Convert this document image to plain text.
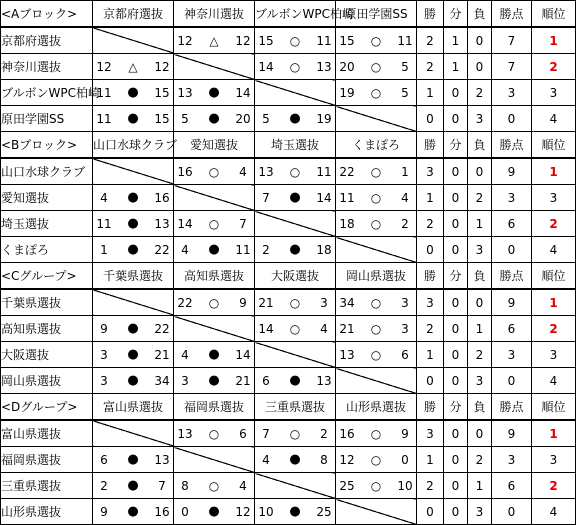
<Aブロック>	京都府選抜	神奈川選抜	ブルボンWPC柏崎	原田学園SS	勝	分	負	勝点	順位
京都府選抜		12 △ 12	15 ○ 11	15 ○ 11	2	1	0	7	1
神奈川選抜	12 △ 12		14 ○ 13	20 ○ 5	2	1	0	7	2
ブルボンWPC柏崎	11 ● 15	13 ● 14		19 ○ 5	1	0	2	3	3
原田学園SS	11 ● 15	5 ● 20	5 ● 19		0	0	3	0	4
<Bブロック>	山口水球クラブ	愛知選抜	埼玉選抜	くまぽろ	勝	分	負	勝点	順位
山口水球クラブ		16 ○ 4	13 ○ 11	22 ○ 1	3	0	0	9	1
愛知選抜	4 ● 16		7 ● 14	11 ○ 4	1	0	2	3	3
埼玉選抜	11 ● 13	14 ○ 7		18 ○ 2	2	0	1	6	2
くまぽろ	1 ● 22	4 ● 11	2 ● 18		0	0	3	0	4
<Cグループ>	千葉県選抜	高知県選抜	大阪選抜	岡山県選抜	勝	分	負	勝点	順位
千葉県選抜		22 ○ 9	21 ○ 3	34 ○ 3	3	0	0	9	1
高知県選抜	9 ● 22		14 ○ 4	21 ○ 3	2	0	1	6	2
大阪選抜	3 ● 21	4 ● 14		13 ○ 6	1	0	2	3	3
岡山県選抜	3 ● 34	3 ● 21	6 ● 13		0	0	3	0	4
<Dグループ>	富山県選抜	福岡県選抜	三重県選抜	山形県選抜	勝	分	負	勝点	順位
富山県選抜		13 ○ 6	7 ○ 2	16 ○ 9	3	0	0	9	1
福岡県選抜	6 ● 13		4 ● 8	12 ○ 0	1	0	2	3	3
三重県選抜	2 ● 7	8 ○ 4		25 ○ 10	2	0	1	6	2
山形県選抜	9 ● 16	0 ● 12	10 ● 25		0	0	3	0	4
